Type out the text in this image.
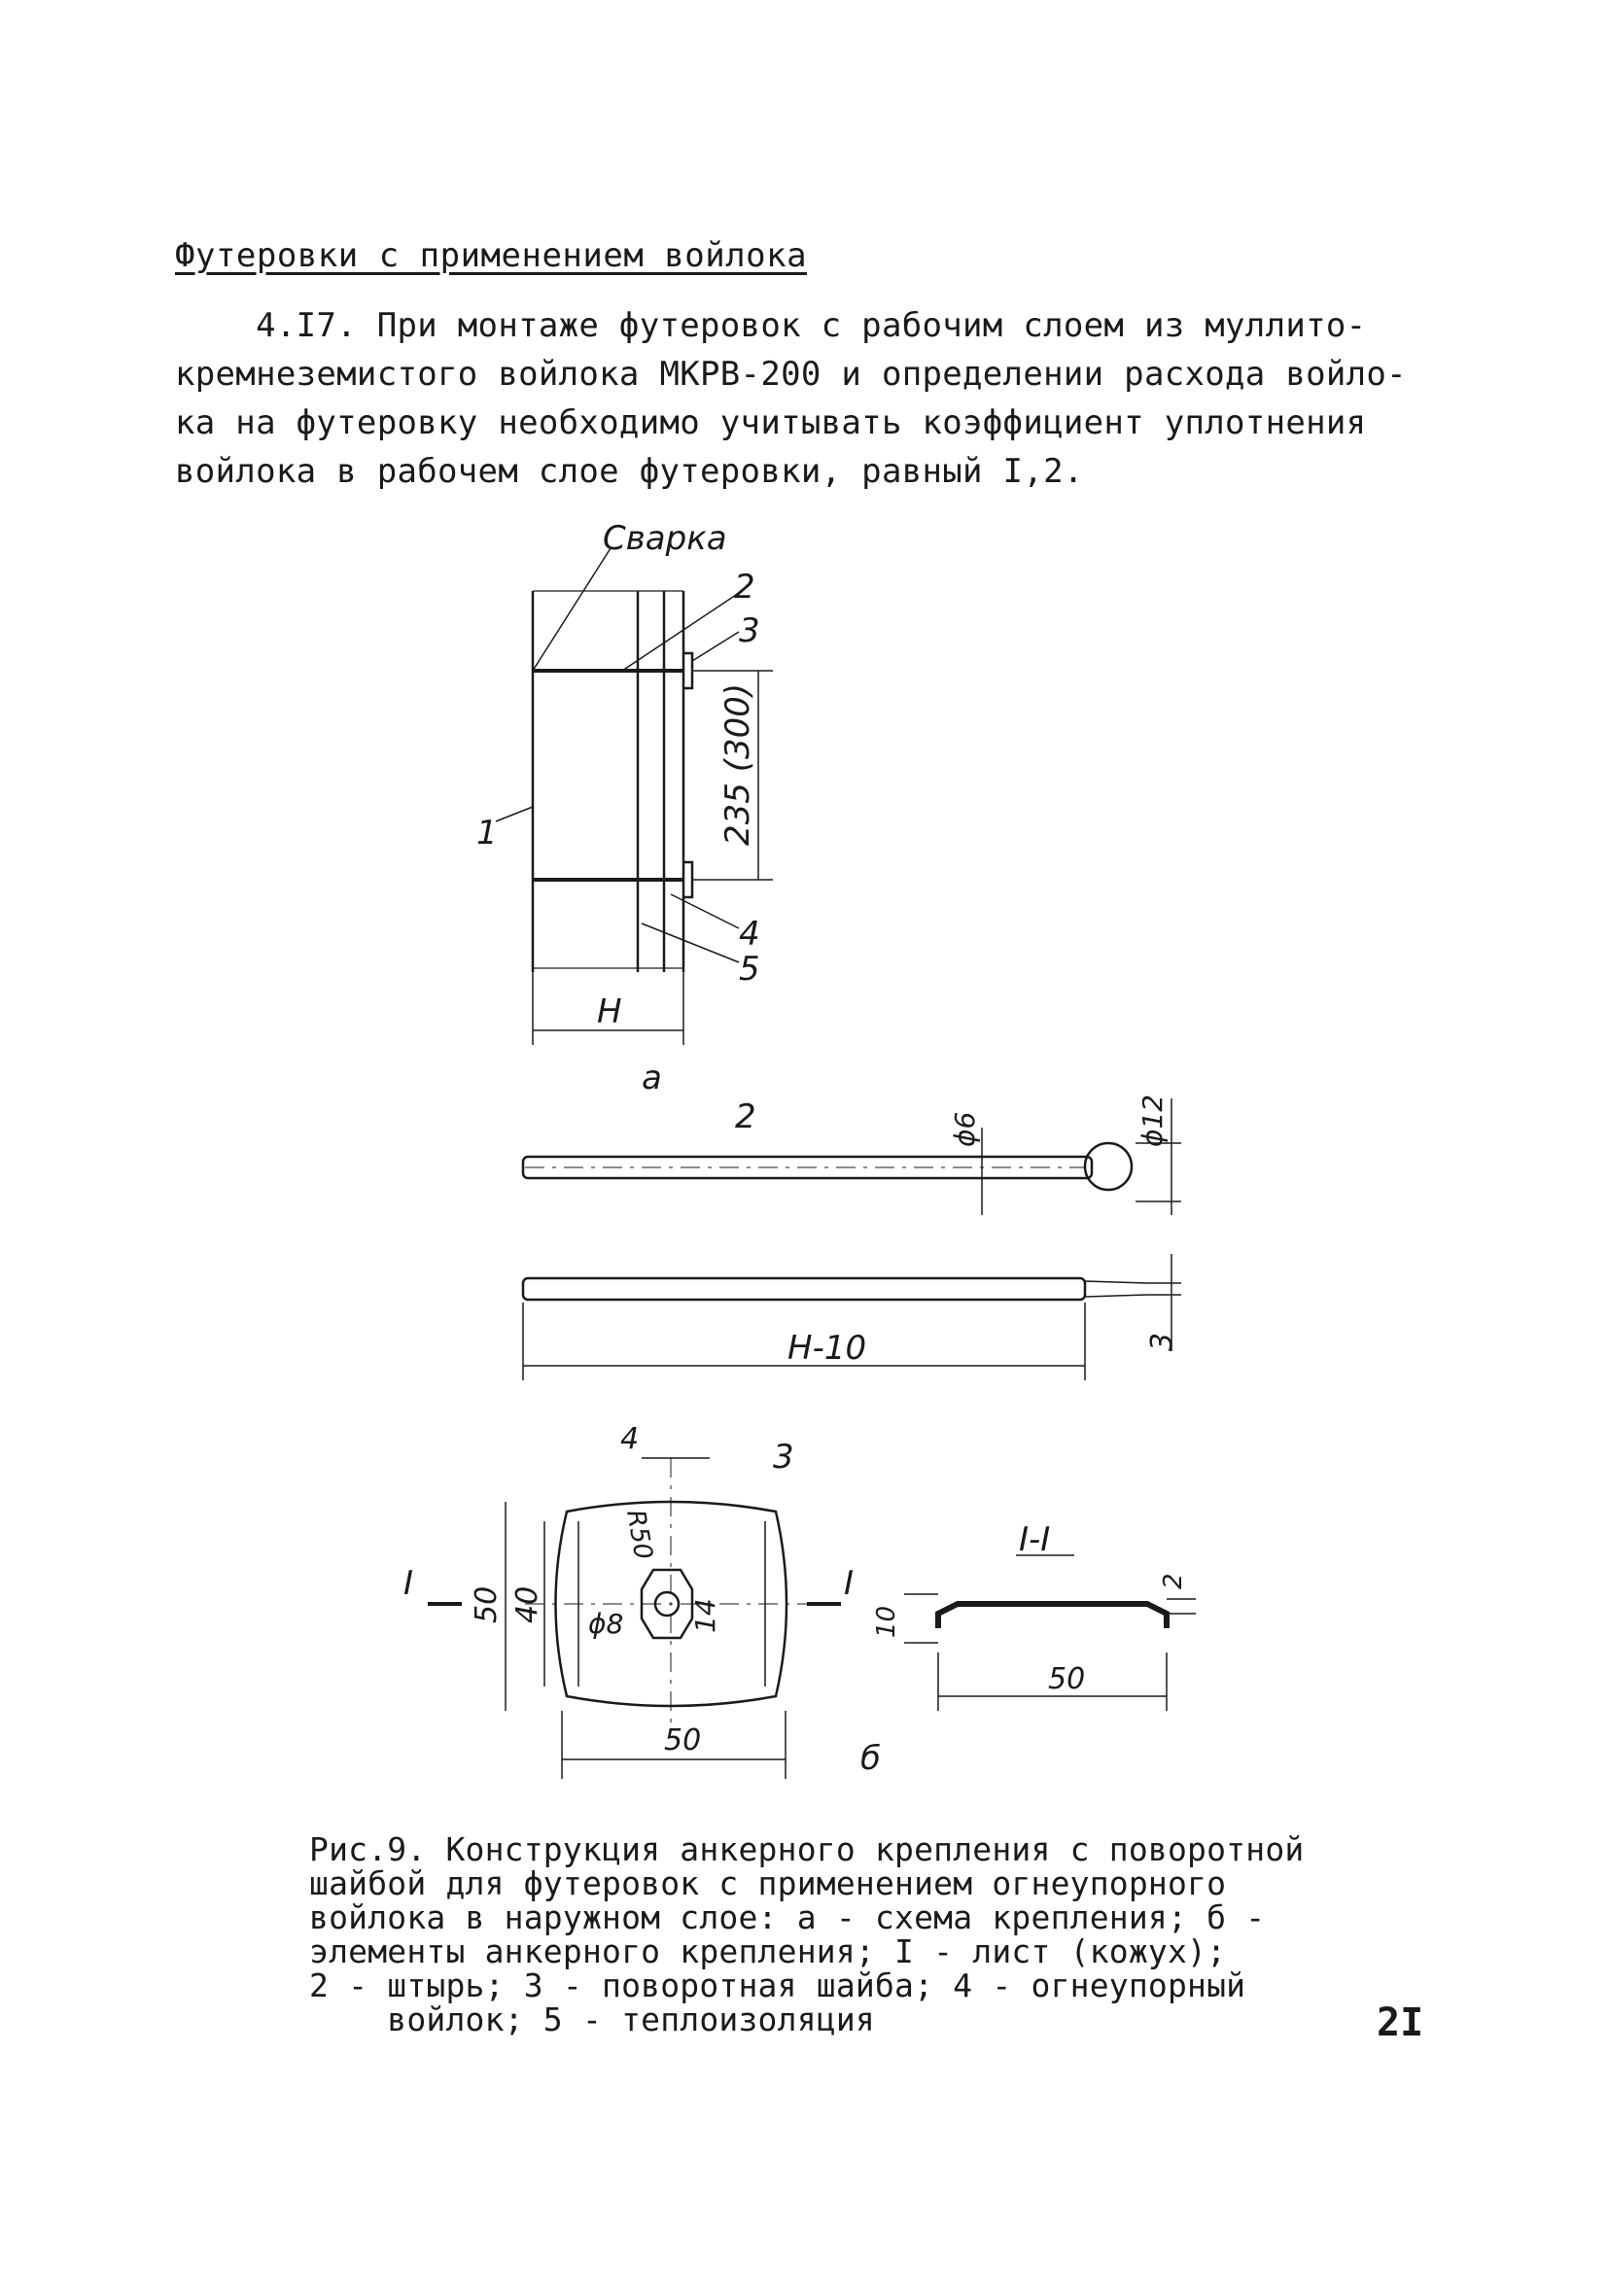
Футеровки с применением войлока

4.I7. При монтаже футеровок с рабочим слоем из муллито-

кремнеземистого войлока МКРВ-200 и определении расхода войло-

ка на футеровку необходимо учитывать коэффициент уплотнения

войлока в рабочем слое футеровки, равный I,2.

Сварка
1
2
3
4
5
235 (300)
H
а
2	ϕ6	ϕ12
H-10	3
3
4
R50
50 40
ϕ8 14
50
I	I
I-I
2
10
50
б

Рис.9. Конструкция анкерного крепления с поворотной

шайбой для футеровок с применением огнеупорного

войлока в наружном слое: а - схема крепления; б -

элементы анкерного крепления; I - лист (кожух);

2 - штырь; 3 - поворотная шайба; 4 - огнеупорный

войлок; 5 - теплоизоляция	2I
